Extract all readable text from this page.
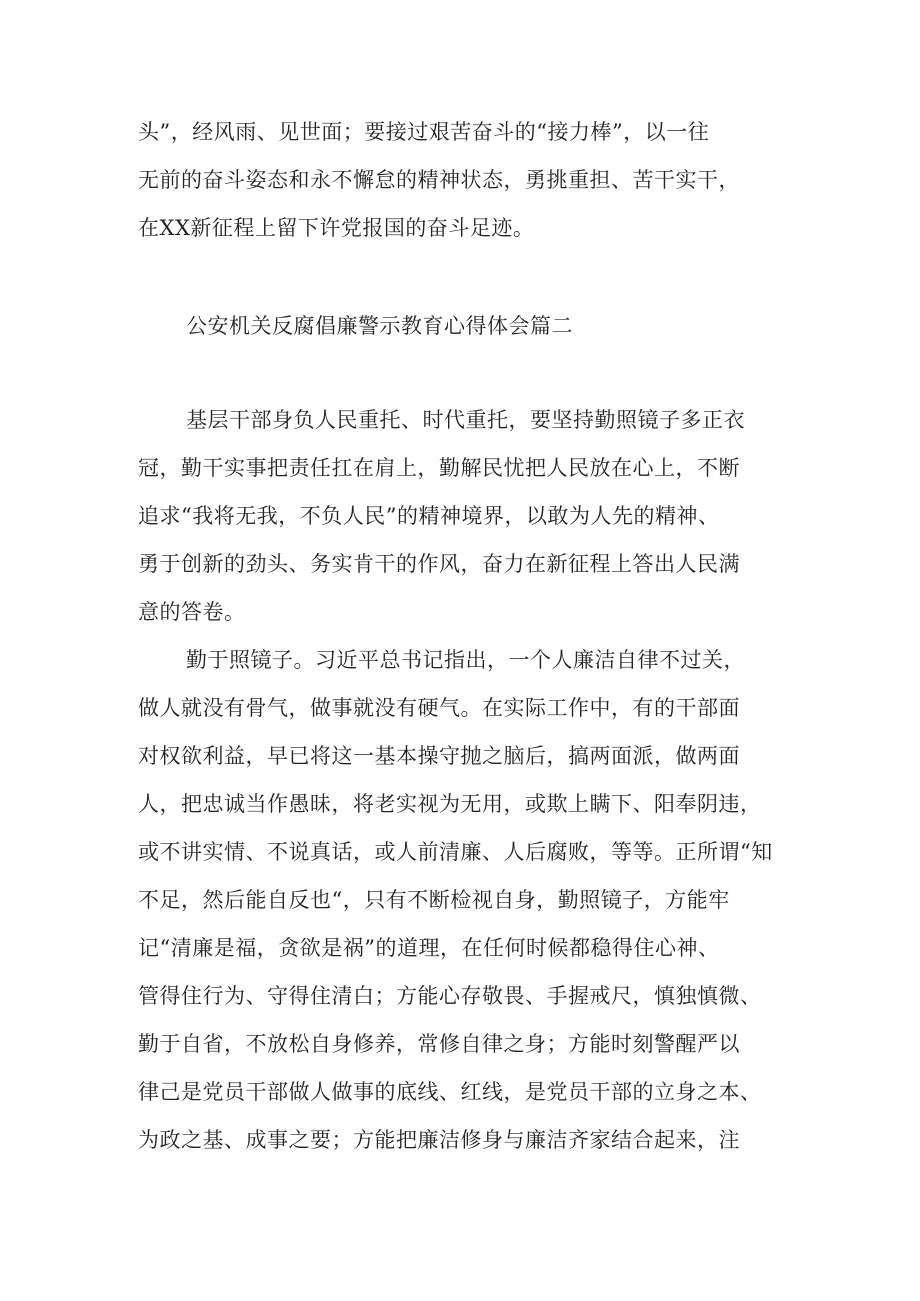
头”，经风雨、见世面；要接过艰苦奋斗的“接力棒”，以一往
无前的奋斗姿态和永不懈怠的精神状态，勇挑重担、苦干实干，
在XX新征程上留下许党报国的奋斗足迹。
公安机关反腐倡廉警示教育心得体会篇二
基层干部身负人民重托、时代重托，要坚持勤照镜子多正衣
冠，勤干实事把责任扛在肩上，勤解民忧把人民放在心上，不断
追求“我将无我，不负人民”的精神境界，以敢为人先的精神、
勇于创新的劲头、务实肯干的作风，奋力在新征程上答出人民满
意的答卷。
勤于照镜子。习近平总书记指出，一个人廉洁自律不过关，
做人就没有骨气，做事就没有硬气。在实际工作中，有的干部面
对权欲利益，早已将这一基本操守抛之脑后，搞两面派，做两面
人，把忠诚当作愚昧，将老实视为无用，或欺上瞒下、阳奉阴违，
或不讲实情、不说真话，或人前清廉、人后腐败，等等。正所谓“知
不足，然后能自反也“，只有不断检视自身，勤照镜子，方能牢
记“清廉是福，贪欲是祸”的道理，在任何时候都稳得住心神、
管得住行为、守得住清白；方能心存敬畏、手握戒尺，慎独慎微、
勤于自省，不放松自身修养，常修自律之身；方能时刻警醒严以
律己是党员干部做人做事的底线、红线，是党员干部的立身之本、
为政之基、成事之要；方能把廉洁修身与廉洁齐家结合起来，注
